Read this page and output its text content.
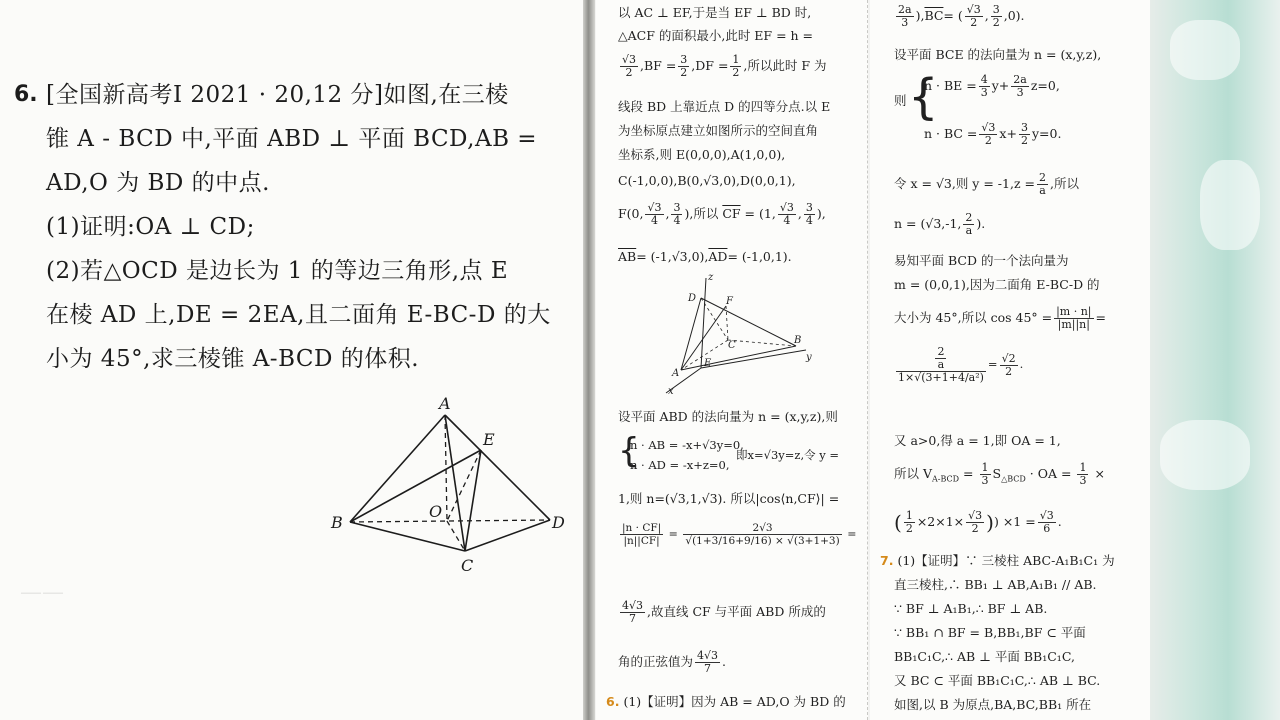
6. [全国新高考Ⅰ 2021 · 20,12 分]如图,在三棱
锥 A - BCD 中,平面 ABD ⊥ 平面 BCD,AB =
AD,O 为 BD 的中点.
(1)证明:OA ⊥ CD;
(2)若△OCD 是边长为 1 的等边三角形,点 E
在棱 AD 上,DE = 2EA,且二面角 E-BC-D 的大
小为 45°,求三棱锥 A-BCD 的体积.
A
E
B
O
D
C
——
以 AC ⊥ EF,于是当 EF ⊥ BD 时,
△ACF 的面积最小,此时 EF = h =
$\frac{√3}{2} ,BF = \frac{3}{2} ,DF = \frac{1}{2}$ ,所以此时 F 为
线段 BD 上靠近点 D 的四等分点.以 E
为坐标原点建立如图所示的空间直角
坐标系,则 E(0,0,0),A(1,0,0),
C(-1,0,0),B(0,√3,0),D(0,0,1),
F(0, $\frac{√3}{4}$ , $\frac{3}{4}$ ),所以 $\overline{CF} = (1$, $\frac{√3}{4}$ , $\frac{3}{4}$ ),
$\overline{AB}= (-1,√3,0),\overline{AD}= (-1,0,1)$.
z
D	F
C	B
y
A
E
x
设平面 ABD 的法向量为 n = (x,y,z),则
{
n · AB = -x+√3y=0,
n · AD = -x+z=0,
即x=√3y=z,令 y =
1,则 n=(√3,1,√3). 所以|cos⟨n,CF⟩| =
$\frac{|n \cdot CF|}{|n||CF|} = \frac{2√3}{√(1+3/16+9/16) \times √(3+1+3)}$ =
$\frac{4√3}{7}$ ,故直线 CF 与平面 ABD 所成的
角的正弦值为 $\frac{4√3}{7}$ .
6. (1)【证明】因为 AB = AD,O 为 BD 的
$\frac{2a}{3} ),\overline{BC}=$ ( $\frac{√3}{2}$ , $\frac{3}{2} ,0$).
设平面 BCE 的法向量为 n = (x,y,z),
则 {
n · BE = $\frac{4}{3} y+ \frac{2a}{3} z=0$,
n · BC = $\frac{√3}{2} x+ \frac{3}{2} y=0$.
令 x = √3,则 $y = -1,z = \frac{2}{a}$ ,所以
n = (√3,-1, $\frac{2}{a}$ ).
易知平面 BCD 的一个法向量为
m = (0,0,1),因为二面角 E-BC-D 的
大小为 45°,所以 $\cos 45^\circ = \frac{|m \cdot n|}{|m||n|}$ =
$\frac{\frac{2}{a}}{\text{1×√(3+1+4/a²)}} = \frac{√2}{2}$ .
又 a>0,得 a = 1,即 OA = 1,
所以 $V_{A-BCD} = \frac{1}{3} S_{\triangle BCD}$ · OA = $\frac{1}{3}$ ×
( $\frac{1}{2} \times 2\times 1\times \frac{√3}{2}$ )) $\times 1 = \frac{√3}{6}$ .
7. (1)【证明】∵ 三棱柱 ABC-A₁B₁C₁ 为
直三棱柱,∴ BB₁ ⊥ AB,A₁B₁ // AB.
∵ BF ⊥ A₁B₁,∴ BF ⊥ AB.
∵ BB₁ ∩ BF = B,BB₁,BF ⊂ 平面
BB₁C₁C,∴ AB ⊥ 平面 BB₁C₁C,
又 BC ⊂ 平面 BB₁C₁C,∴ AB ⊥ BC.
如图,以 B 为原点,BA,BC,BB₁ 所在
